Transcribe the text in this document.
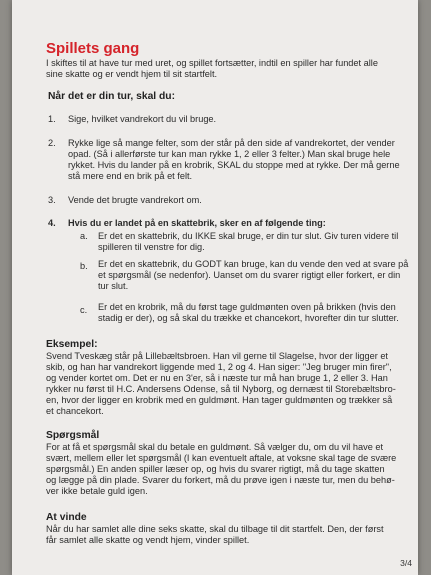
Spillets gang
I skiftes til at have tur med uret, og spillet fortsætter, indtil en spiller har fundet alle
sine skatte og er vendt hjem til sit startfelt.
Når det er din tur, skal du:
1. Sige, hvilket vandrekort du vil bruge.
2. Rykke lige så mange felter, som der står på den side af vandrekortet, der vender
opad. (Så i allerførste tur kan man rykke 1, 2 eller 3 felter.) Man skal bruge hele
rykket. Hvis du lander på en krobrik, SKAL du stoppe med at rykke. Der må gerne
stå mere end en brik på et felt.
3. Vende det brugte vandrekort om.
4. Hvis du er landet på en skattebrik, sker en af følgende ting:
a. Er det en skattebrik, du IKKE skal bruge, er din tur slut. Giv turen videre til
spilleren til venstre for dig.
b. Er det en skattebrik, du GODT kan bruge, kan du vende den ved at svare på
et spørgsmål (se nedenfor). Uanset om du svarer rigtigt eller forkert, er din
tur slut.
c. Er det en krobrik, må du først tage guldmønten oven på brikken (hvis den
stadig er der), og så skal du trække et chancekort, hvorefter din tur slutter.
Eksempel:
Svend Tveskæg står på Lillebæltsbroen. Han vil gerne til Slagelse, hvor der ligger et
skib, og han har vandrekort liggende med 1, 2 og 4. Han siger: "Jeg bruger min firer",
og vender kortet om. Det er nu en 3'er, så i næste tur må han bruge 1, 2 eller 3. Han
rykker nu først til H.C. Andersens Odense, så til Nyborg, og dernæst til Storebæltsbro-
en, hvor der ligger en krobrik med en guldmønt. Han tager guldmønten og trækker så
et chancekort.
Spørgsmål
For at få et spørgsmål skal du betale en guldmønt. Så vælger du, om du vil have et
svært, mellem eller let spørgsmål (I kan eventuelt aftale, at voksne skal tage de svære
spørgsmål.) En anden spiller læser op, og hvis du svarer rigtigt, må du tage skatten
og lægge på din plade. Svarer du forkert, må du prøve igen i næste tur, men du behø-
ver ikke betale guld igen.
At vinde
Når du har samlet alle dine seks skatte, skal du tilbage til dit startfelt. Den, der først
får samlet alle skatte og vendt hjem, vinder spillet.
3/4
